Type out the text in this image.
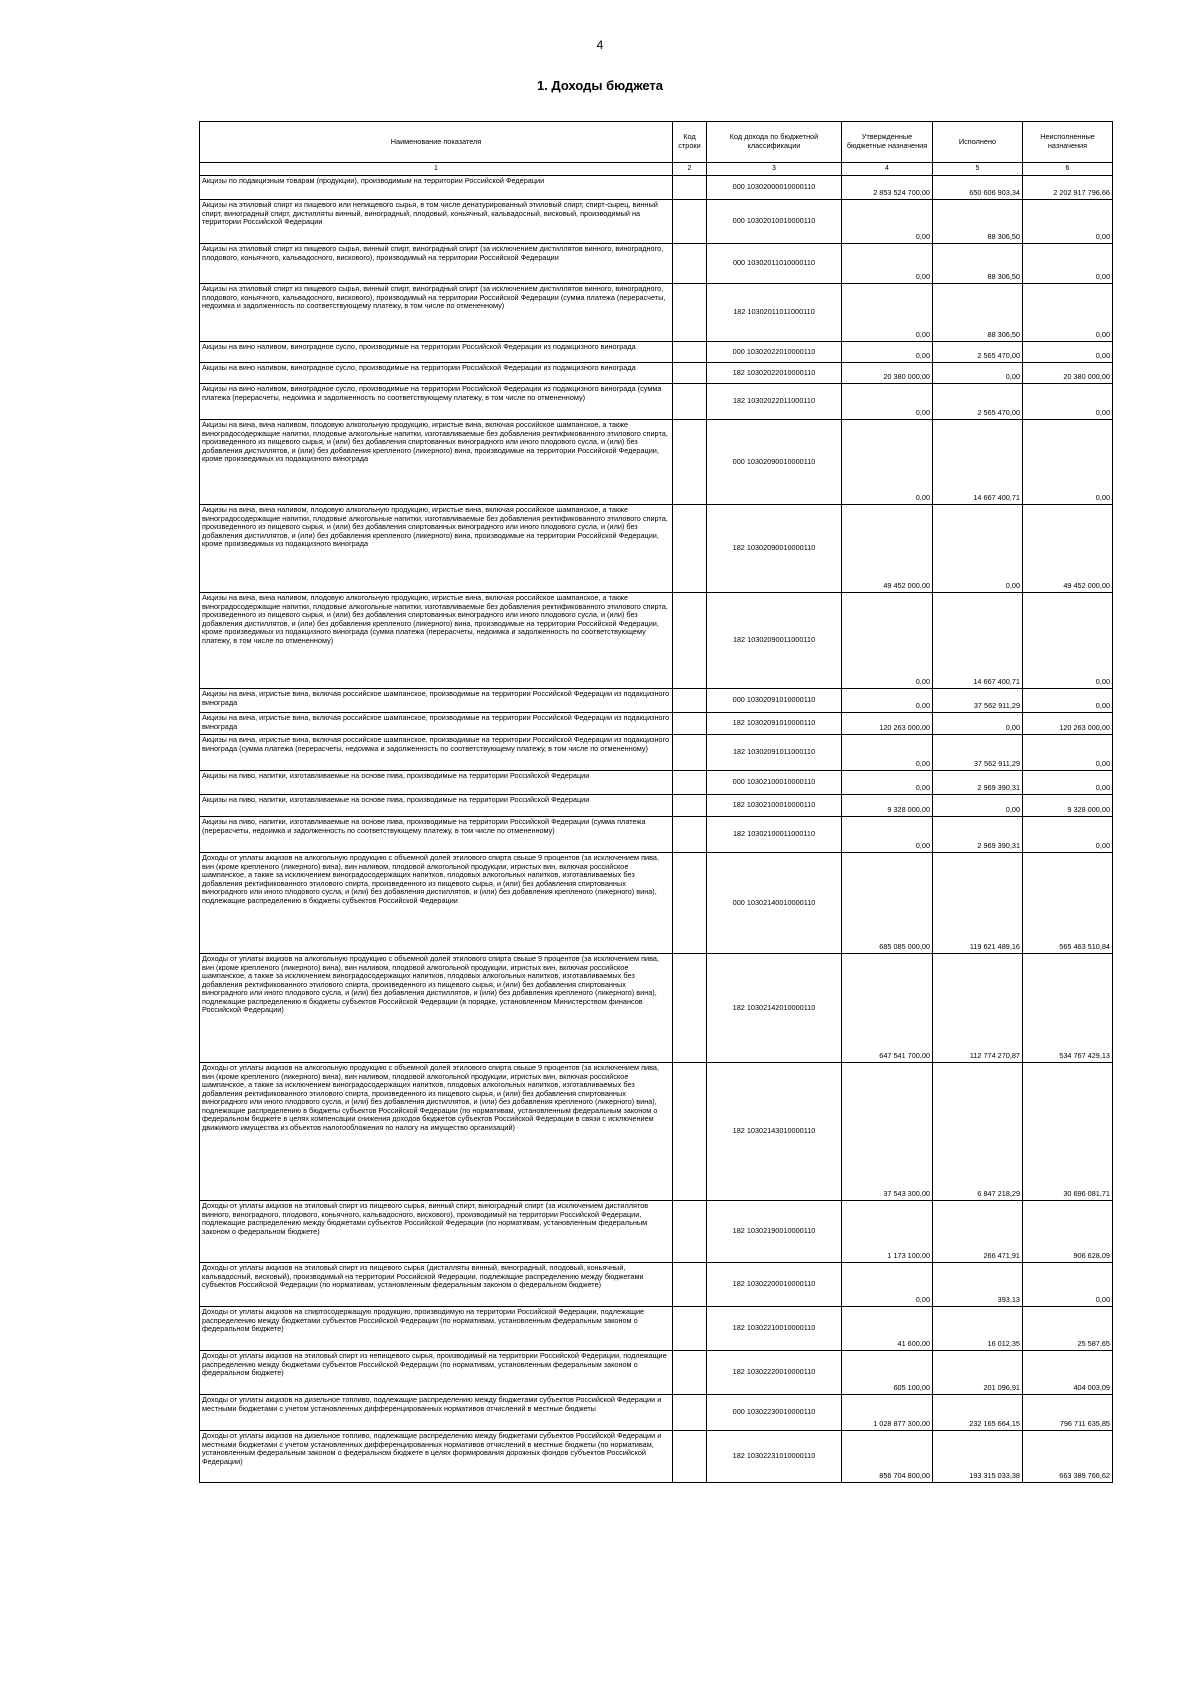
4
1. Доходы бюджета
Наименование показателя	Код строки	Код дохода по бюджетной классификации	Утвержденные бюджетные назначения	Исполнено	Неисполненные назначения
1	2	3	4	5	6
Акцизы по подакцизным товарам (продукции), производимым на территории Российской Федерации		000 10302000010000110	2 853 524 700,00	650 606 903,34	2 202 917 796,66
Акцизы на этиловый спирт из пищевого или непищевого сырья, в том числе денатурированный этиловый спирт, спирт-сырец, винный спирт, виноградный спирт, дистилляты винный, виноградный, плодовый, коньячный, кальвадосный, висковый, производимый на территории Российской Федерации		000 10302010010000110	0,00	88 306,50	0,00
Акцизы на этиловый спирт из пищевого сырья, винный спирт, виноградный спирт (за исключением дистиллятов винного, виноградного, плодового, коньячного, кальвадосного, вискового), производимый на территории Российской Федерации		000 10302011010000110	0,00	88 306,50	0,00
Акцизы на этиловый спирт из пищевого сырья, винный спирт, виноградный спирт (за исключением дистиллятов винного, виноградного, плодового, коньячного, кальвадосного, вискового), производимый на территории Российской Федерации (сумма платежа (перерасчеты, недоимка и задолженность по соответствующему платежу, в том числе по отмененному)		182 10302011011000110	0,00	88 306,50	0,00
Акцизы на вино наливом, виноградное сусло, производимые на территории Российской Федерации из подакцизного винограда		000 10302022010000110	0,00	2 565 470,00	0,00
Акцизы на вино наливом, виноградное сусло, производимые на территории Российской Федерации из подакцизного винограда		182 10302022010000110	20 380 000,00	0,00	20 380 000,00
Акцизы на вино наливом, виноградное сусло, производимые на территории Российской Федерации из подакцизного винограда (сумма платежа (перерасчеты, недоимка и задолженность по соответствующему платежу, в том числе по отмененному)		182 10302022011000110	0,00	2 565 470,00	0,00
Акцизы на вина, вина наливом, плодовую алкогольную продукцию, игристые вина, включая российское шампанское, а также виноградосодержащие напитки, плодовые алкогольные напитки, изготавливаемые без добавления ректификованного этилового спирта, произведенного из пищевого сырья, и (или) без добавления спиртованных виноградного или иного плодового сусла, и (или) без добавления дистиллятов, и (или) без добавления крепленого (ликерного) вина, производимые на территории Российской Федерации, кроме произведимых из подакцизного винограда		000 10302090010000110	0,00	14 667 400,71	0,00
Акцизы на вина, вина наливом, плодовую алкогольную продукцию, игристые вина, включая российское шампанское, а также виноградосодержащие напитки, плодовые алкогольные напитки, изготавливаемые без добавления ректификованного этилового спирта, произведенного из пищевого сырья, и (или) без добавления спиртованных виноградного или иного плодового сусла, и (или) без добавления дистиллятов, и (или) без добавления крепленого (ликерного) вина, производимые на территории Российской Федерации, кроме произведимых из подакцизного винограда		182 10302090010000110	49 452 000,00	0,00	49 452 000,00
Акцизы на вина, вина наливом, плодовую алкогольную продукцию, игристые вина, включая российское шампанское, а также виноградосодержащие напитки, плодовые алкогольные напитки, изготавливаемые без добавления ректификованного этилового спирта, произведенного из пищевого сырья, и (или) без добавления спиртованных виноградного или иного плодового сусла, и (или) без добавления дистиллятов, и (или) без добавления крепленого (ликерного) вина, производимые на территории Российской Федерации, кроме произведимых из подакцизного винограда (сумма платежа (перерасчеты, недоимка и задолженность по соответствующему платежу, в том числе по отмененному)		182 10302090011000110	0,00	14 667 400,71	0,00
Акцизы на вина, игристые вина, включая российское шампанское, производимые на территории Российской Федерации из подакцизного винограда		000 10302091010000110	0,00	37 562 911,29	0,00
Акцизы на вина, игристые вина, включая российское шампанское, производимые на территории Российской Федерации из подакцизного винограда		182 10302091010000110	120 263 000,00	0,00	120 263 000,00
Акцизы на вина, игристые вина, включая российское шампанское, производимые на территории Российской Федерации из подакцизного винограда (сумма платежа (перерасчеты, недоимка и задолженность по соответствующему платежу, в том числе по отмененному)		182 10302091011000110	0,00	37 562 911,29	0,00
Акцизы на пиво, напитки, изготавливаемые на основе пива, производимые на территории Российской Федерации		000 10302100010000110	0,00	2 969 390,31	0,00
Акцизы на пиво, напитки, изготавливаемые на основе пива, производимые на территории Российской Федерации		182 10302100010000110	9 328 000,00	0,00	9 328 000,00
Акцизы на пиво, напитки, изготавливаемые на основе пива, производимые на территории Российской Федерации (сумма платежа (перерасчеты, недоимка и задолженность по соответствующему платежу, в том числе по отмененному)		182 10302100011000110	0,00	2 969 390,31	0,00
Доходы от уплаты акцизов на алкогольную продукцию с объемной долей этилового спирта свыше 9 процентов (за исключением пива, вин (кроме крепленого (ликерного) вина), вин наливом, плодовой алкогольной продукции, игристых вин, включая российское шампанское, а также за исключением виноградосодержащих напитков, плодовых алкогольных напитков, изготавливаемых без добавления ректификованного этилового спирта, произведенного из пищевого сырья, и (или) без добавления спиртованных виноградного или иного плодового сусла, и (или) без добавления дистиллятов, и (или) без добавления крепленого (ликерного) вина), подлежащие распределению в бюджеты субъектов Российской Федерации		000 10302140010000110	685 085 000,00	119 621 489,16	565 463 510,84
Доходы от уплаты акцизов на алкогольную продукцию с объемной долей этилового спирта свыше 9 процентов (за исключением пива, вин (кроме крепленого (ликерного) вина), вин наливом, плодовой алкогольной продукции, игристых вин, включая российское шампанское, а также за исключением виноградосодержащих напитков, плодовых алкогольных напитков, изготавливаемых без добавления ректификованного этилового спирта, произведенного из пищевого сырья, и (или) без добавления спиртованных виноградного или иного плодового сусла, и (или) без добавления дистиллятов, и (или) без добавления крепленого (ликерного) вина), подлежащие распределению в бюджеты субъектов Российской Федерации (в порядке, установленном Министерством финансов Российской Федерации)		182 10302142010000110	647 541 700,00	112 774 270,87	534 767 429,13
Доходы от уплаты акцизов на алкогольную продукцию с объемной долей этилового спирта свыше 9 процентов (за исключением пива, вин (кроме крепленого (ликерного) вина), вин наливом, плодовой алкогольной продукции, игристых вин, включая российское шампанское, а также за исключением виноградосодержащих напитков, плодовых алкогольных напитков, изготавливаемых без добавления ректификованного этилового спирта, произведенного из пищевого сырья, и (или) без добавления спиртованных виноградного или иного плодового сусла, и (или) без добавления дистиллятов, и (или) без добавления крепленого (ликерного) вина), подлежащие распределению в бюджеты субъектов Российской Федерации (по нормативам, установленным федеральным законом о федеральном бюджете в целях компенсации снижения доходов бюджетов субъектов Российской Федерации в связи с исключением движимого имущества из объектов налогообложения по налогу на имущество организаций)		182 10302143010000110	37 543 300,00	6 847 218,29	30 696 081,71
Доходы от уплаты акцизов на этиловый спирт из пищевого сырья, винный спирт, виноградный спирт (за исключением дистиллятов винного, виноградного, плодового, коньячного, кальвадосного, вискового), производимый на территории Российской Федерации, подлежащие распределению между бюджетами субъектов Российской Федерации (по нормативам, установленным федеральным законом о федеральном бюджете)		182 10302190010000110	1 173 100,00	266 471,91	906 628,09
Доходы от уплаты акцизов на этиловый спирт из пищевого сырья (дистилляты винный, виноградный, плодовый, коньячный, кальвадосный, висковый), производимый на территории Российской Федерации, подлежащие распределению между бюджетами субъектов Российской Федерации (по нормативам, установленным федеральным законом о федеральном бюджете)		182 10302200010000110	0,00	393,13	0,00
Доходы от уплаты акцизов на спиртосодержащую продукцию, производимую на территории Российской Федерации, подлежащие распределению между бюджетами субъектов Российской Федерации (по нормативам, установленным федеральным законом о федеральном бюджете)		182 10302210010000110	41 600,00	16 012,35	25 587,65
Доходы от уплаты акцизов на этиловый спирт из непищевого сырья, производимый на территории Российской Федерации, подлежащие распределению между бюджетами субъектов Российской Федерации (по нормативам, установленным федеральным законом о федеральном бюджете)		182 10302220010000110	605 100,00	201 096,91	404 003,09
Доходы от уплаты акцизов на дизельное топливо, подлежащие распределению между бюджетами субъектов Российской Федерации и местными бюджетами с учетом установленных дифференцированных нормативов отчислений в местные бюджеты		000 10302230010000110	1 028 877 300,00	232 165 664,15	796 711 635,85
Доходы от уплаты акцизов на дизельное топливо, подлежащие распределению между бюджетами субъектов Российской Федерации и местными бюджетами с учетом установленных дифференцированных нормативов отчислений в местные бюджеты (по нормативам, установленным федеральным законом о федеральном бюджете в целях формирования дорожных фондов субъектов Российской Федерации)		182 10302231010000110	856 704 800,00	193 315 033,38	663 389 766,62
